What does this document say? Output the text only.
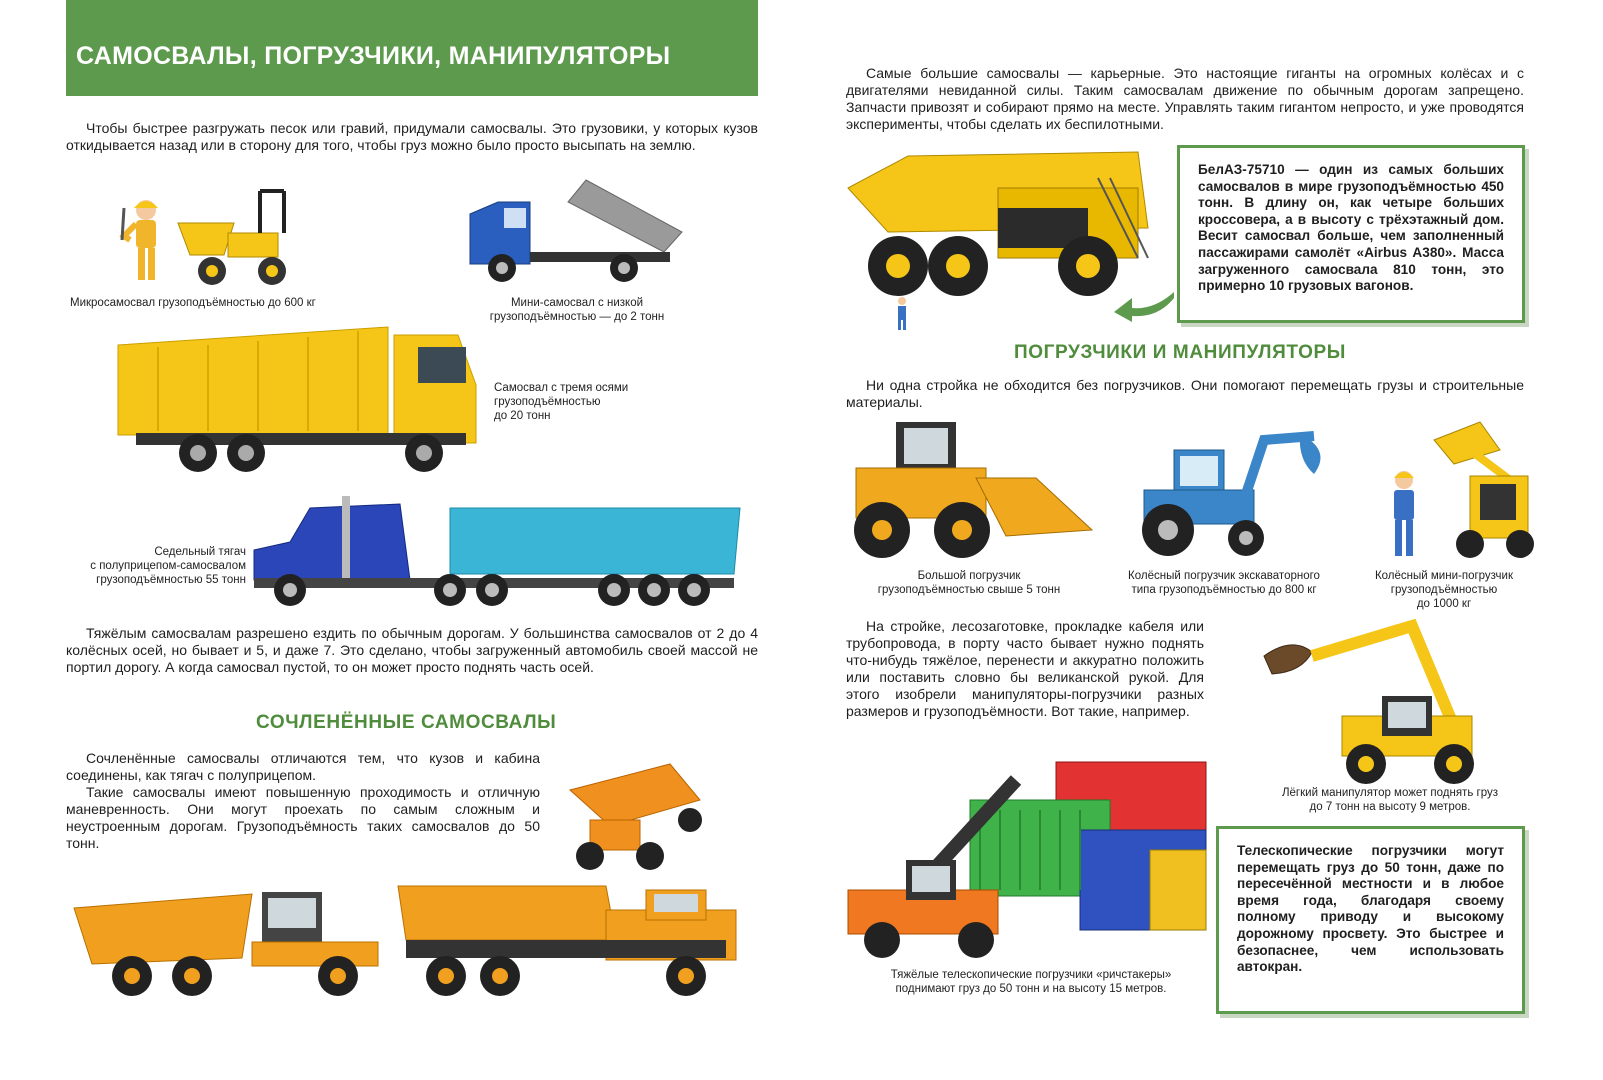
САМОСВАЛЫ, ПОГРУЗЧИКИ, МАНИПУЛЯТОРЫ

Чтобы быстрее разгружать песок или гравий, придумали самосвалы. Это грузовики, у которых кузов откидывается назад или в сторону для того, чтобы груз можно было просто высыпать на землю.

Микросамосвал грузоподъёмностью до 600 кг	Мини-самосвал с низкой
грузоподъёмностью — до 2 тонн
Самосвал с тремя осями
грузоподъёмностью
до 20 тонн
Седельный тягач
с полуприцепом-самосвалом
грузоподъёмностью 55 тонн

Тяжёлым самосвалам разрешено ездить по обычным дорогам. У большинства самосвалов от 2 до 4 колёсных осей, но бывает и 5, и даже 7. Это сделано, чтобы загруженный автомобиль своей массой не портил дорогу. А когда самосвал пустой, то он может просто поднять часть осей.

СОЧЛЕНЁННЫЕ САМОСВАЛЫ

Сочленённые самосвалы отличаются тем, что кузов и кабина соединены, как тягач с полуприцепом.

Такие самосвалы имеют повышенную проходимость и отличную маневренность. Они могут проехать по самым сложным и неустроенным дорогам. Грузоподъёмность таких самосвалов до 50 тонн.

Самые большие самосвалы — карьерные. Это настоящие гиганты на огромных колёсах и с двигателями невиданной силы. Таким самосвалам движение по обычным дорогам запрещено. Запчасти привозят и собирают прямо на месте. Управлять таким гигантом непросто, и уже проводятся эксперименты, чтобы сделать их беспилотными.

БелАЗ-75710 — один из самых больших самосвалов в мире грузоподъёмностью 450 тонн. В длину он, как четыре больших кроссовера, а в высоту с трёхэтажный дом. Весит самосвал больше, чем заполненный пассажирами самолёт «Airbus A380». Масса загруженного самосвала 810 тонн, это примерно 10 грузовых вагонов.

ПОГРУЗЧИКИ И МАНИПУЛЯТОРЫ

Ни одна стройка не обходится без погрузчиков. Они помогают перемещать грузы и строительные материалы.

Большой погрузчик
грузоподъёмностью свыше 5 тонн
Колёсный погрузчик экскаваторного
типа грузоподъёмностью до 800 кг
Колёсный мини-погрузчик
грузоподъёмностью
до 1000 кг

На стройке, лесозаготовке, прокладке кабеля или трубопровода, в порту часто бывает нужно поднять что-нибудь тяжёлое, перенести и аккуратно положить или поставить словно бы великанской рукой. Для этого изобрели манипуляторы-погрузчики разных размеров и грузоподъёмности. Вот такие, например.

Лёгкий манипулятор может поднять груз
до 7 тонн на высоту 9 метров.
Тяжёлые телескопические погрузчики «ричстакеры»
поднимают груз до 50 тонн и на высоту 15 метров.

Телескопические погрузчики могут перемещать груз до 50 тонн, даже по пересечённой местности и в любое время года, благодаря своему полному приводу и высокому дорожному просвету. Это быстрее и безопаснее, чем использовать автокран.
